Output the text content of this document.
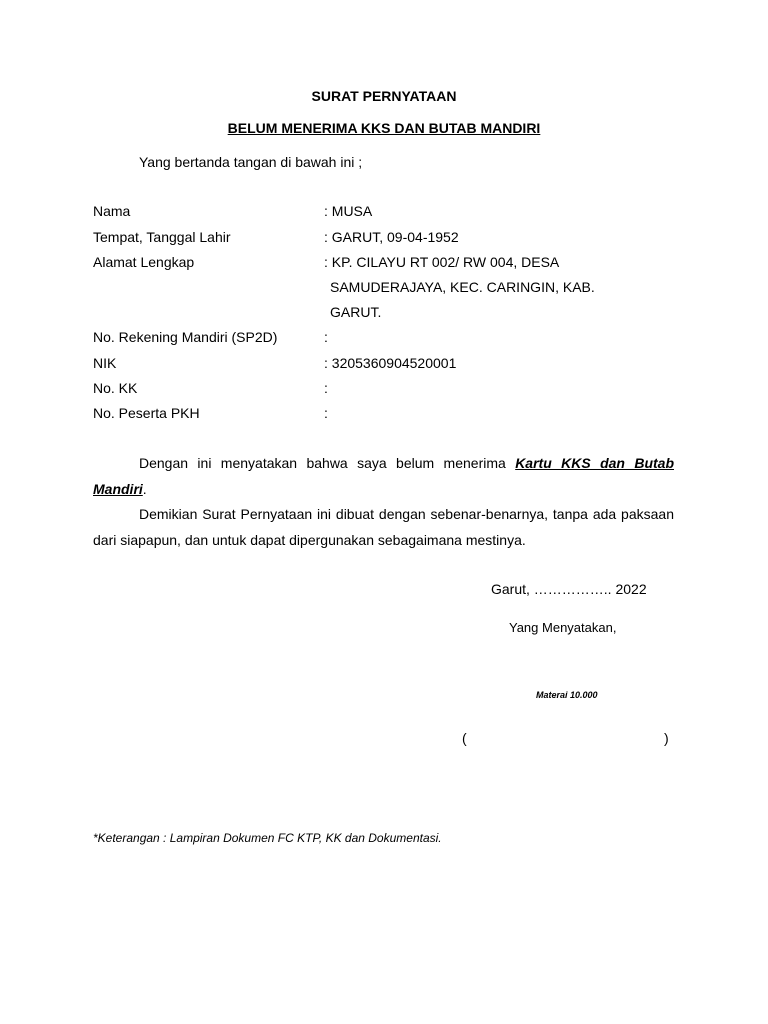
SURAT PERNYATAAN
BELUM MENERIMA KKS DAN BUTAB MANDIRI
Yang bertanda tangan di bawah ini ;
Nama	: MUSA
Tempat, Tanggal Lahir	: GARUT, 09-04-1952
Alamat Lengkap	: KP. CILAYU RT 002/ RW 004, DESA
SAMUDERAJAYA, KEC. CARINGIN, KAB.
GARUT.
No. Rekening Mandiri (SP2D)	:
NIK	: 3205360904520001
No. KK	:
No. Peserta PKH	:
Dengan ini menyatakan bahwa saya belum menerima Kartu KKS dan Butab Mandiri.
Demikian Surat Pernyataan ini dibuat dengan sebenar-benarnya, tanpa ada paksaan dari siapapun, dan untuk dapat dipergunakan sebagaimana mestinya.
Garut, …………….. 2022
Yang Menyatakan,
Materai 10.000
(	)
*Keterangan : Lampiran Dokumen FC KTP, KK dan Dokumentasi.
